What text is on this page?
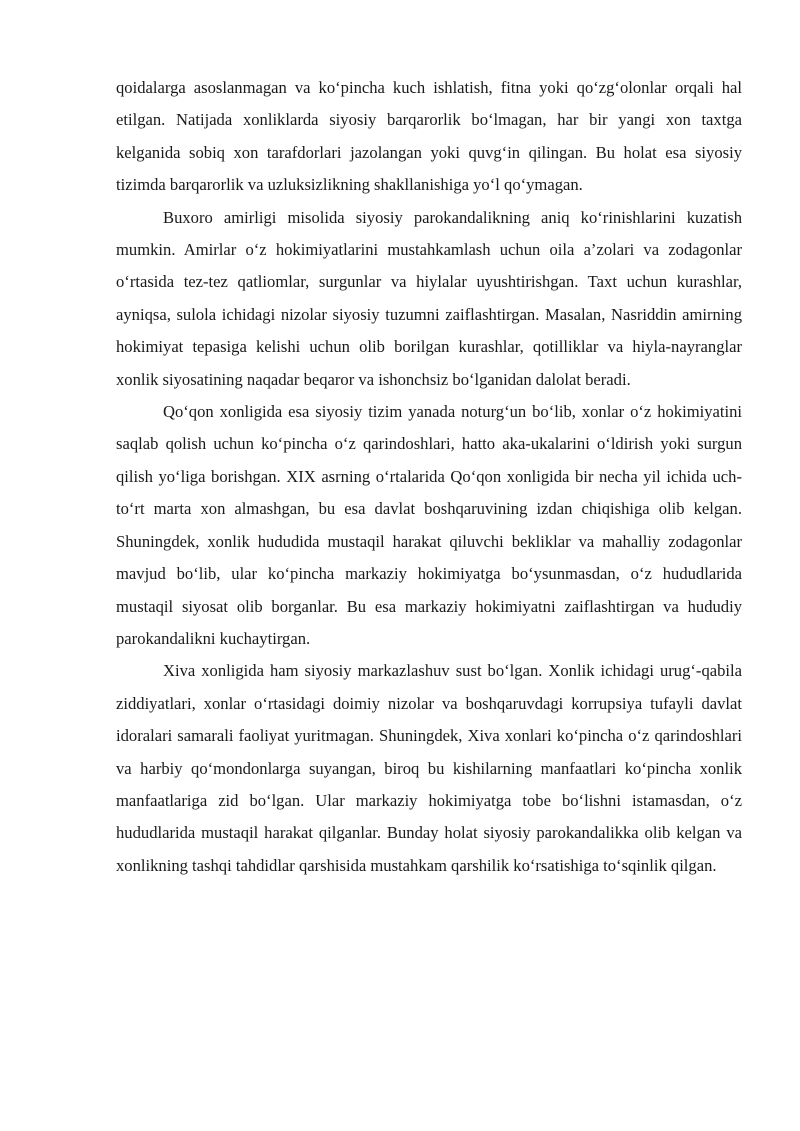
qoidalarga asoslanmagan va ko‘pincha kuch ishlatish, fitna yoki qo‘zg‘olonlar orqali hal etilgan. Natijada xonliklarda siyosiy barqarorlik bo‘lmagan, har bir yangi xon taxtga kelganida sobiq xon tarafdorlari jazolangan yoki quvg‘in qilingan. Bu holat esa siyosiy tizimda barqarorlik va uzluksizlikning shakllanishiga yo‘l qo‘ymagan.

Buxoro amirligi misolida siyosiy parokandalikning aniq ko‘rinishlarini kuzatish mumkin. Amirlar o‘z hokimiyatlarini mustahkamlash uchun oila a’zolari va zodagonlar o‘rtasida tez-tez qatliomlar, surgunlar va hiylalar uyushtirishgan. Taxt uchun kurashlar, ayniqsa, sulola ichidagi nizolar siyosiy tuzumni zaiflashtirgan. Masalan, Nasriddin amirning hokimiyat tepasiga kelishi uchun olib borilgan kurashlar, qotilliklar va hiyla-nayranglar xonlik siyosatining naqadar beqaror va ishonchsiz bo‘lganidan dalolat beradi.

Qo‘qon xonligida esa siyosiy tizim yanada noturg‘un bo‘lib, xonlar o‘z hokimiyatini saqlab qolish uchun ko‘pincha o‘z qarindoshlari, hatto aka-ukalarini o‘ldirish yoki surgun qilish yo‘liga borishgan. XIX asrning o‘rtalarida Qo‘qon xonligida bir necha yil ichida uch-to‘rt marta xon almashgan, bu esa davlat boshqaruvining izdan chiqishiga olib kelgan. Shuningdek, xonlik hududida mustaqil harakat qiluvchi bekliklar va mahalliy zodagonlar mavjud bo‘lib, ular ko‘pincha markaziy hokimiyatga bo‘ysunmasdan, o‘z hududlarida mustaqil siyosat olib borganlar. Bu esa markaziy hokimiyatni zaiflashtirgan va hududiy parokandalikni kuchaytirgan.

Xiva xonligida ham siyosiy markazlashuv sust bo‘lgan. Xonlik ichidagi urug‘-qabila ziddiyatlari, xonlar o‘rtasidagi doimiy nizolar va boshqaruvdagi korrupsiya tufayli davlat idoralari samarali faoliyat yuritmagan. Shuningdek, Xiva xonlari ko‘pincha o‘z qarindoshlari va harbiy qo‘mondonlarga suyangan, biroq bu kishilarning manfaatlari ko‘pincha xonlik manfaatlariga zid bo‘lgan. Ular markaziy hokimiyatga tobe bo‘lishni istamasdan, o‘z hududlarida mustaqil harakat qilganlar. Bunday holat siyosiy parokandalikka olib kelgan va xonlikning tashqi tahdidlar qarshisida mustahkam qarshilik ko‘rsatishiga to‘sqinlik qilgan.
